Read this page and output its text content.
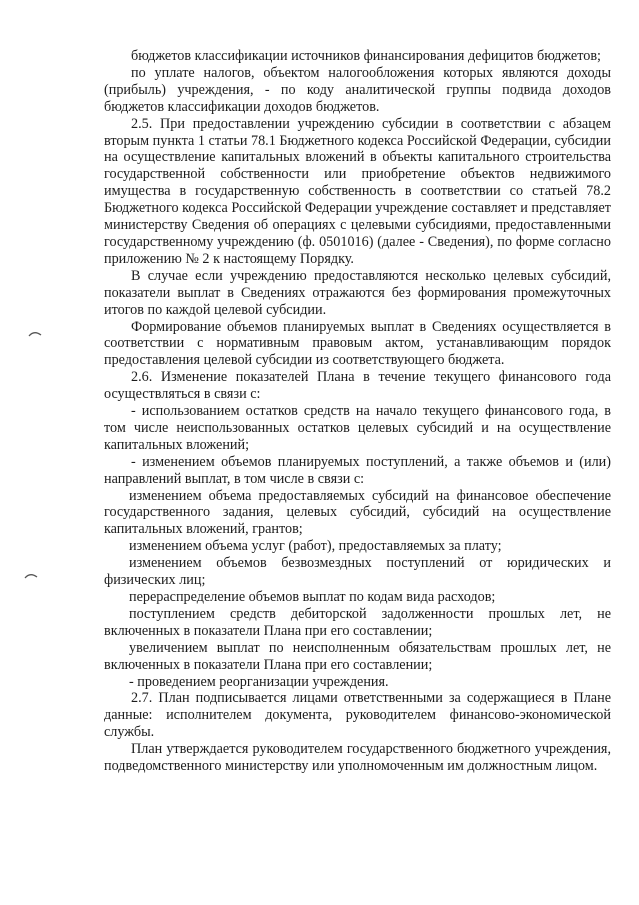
бюджетов классификации источников финансирования дефицитов бюджетов;

по уплате налогов, объектом налогообложения которых являются доходы (прибыль) учреждения, - по коду аналитической группы подвида доходов бюджетов классификации доходов бюджетов.

2.5. При предоставлении учреждению субсидии в соответствии с абзацем вторым пункта 1 статьи 78.1 Бюджетного кодекса Российской Федерации, субсидии на осуществление капитальных вложений в объекты капитального строительства государственной собственности или приобретение объектов недвижимого имущества в государственную собственность в соответствии со статьей 78.2 Бюджетного кодекса Российской Федерации учреждение составляет и представляет министерству Сведения об операциях с целевыми субсидиями, предоставленными государственному учреждению (ф. 0501016) (далее - Сведения), по форме согласно приложению № 2 к настоящему Порядку.

В случае если учреждению предоставляются несколько целевых субсидий, показатели выплат в Сведениях отражаются без формирования промежуточных итогов по каждой целевой субсидии.

Формирование объемов планируемых выплат в Сведениях осуществляется в соответствии с нормативным правовым актом, устанавливающим порядок предоставления целевой субсидии из соответствующего бюджета.

2.6. Изменение показателей Плана в течение текущего финансового года осуществляться в связи с:

- использованием остатков средств на начало текущего финансового года, в том числе неиспользованных остатков целевых субсидий и на осуществление капитальных вложений;

- изменением объемов планируемых поступлений, а также объемов и (или) направлений выплат, в том числе в связи с:

изменением объема предоставляемых субсидий на финансовое обеспечение государственного задания, целевых субсидий, субсидий на осуществление капитальных вложений, грантов;

изменением объема услуг (работ), предоставляемых за плату;

изменением объемов безвозмездных поступлений от юридических и физических лиц;

перераспределение объемов выплат по кодам вида расходов;

поступлением средств дебиторской задолженности прошлых лет, не включенных в показатели Плана при его составлении;

увеличением выплат по неисполненным обязательствам прошлых лет, не включенных в показатели Плана при его составлении;

- проведением реорганизации учреждения.

2.7. План подписывается лицами ответственными за содержащиеся в Плане данные: исполнителем документа, руководителем финансово-экономической службы.

План утверждается руководителем государственного бюджетного учреждения, подведомственного министерству или уполномоченным им должностным лицом.
